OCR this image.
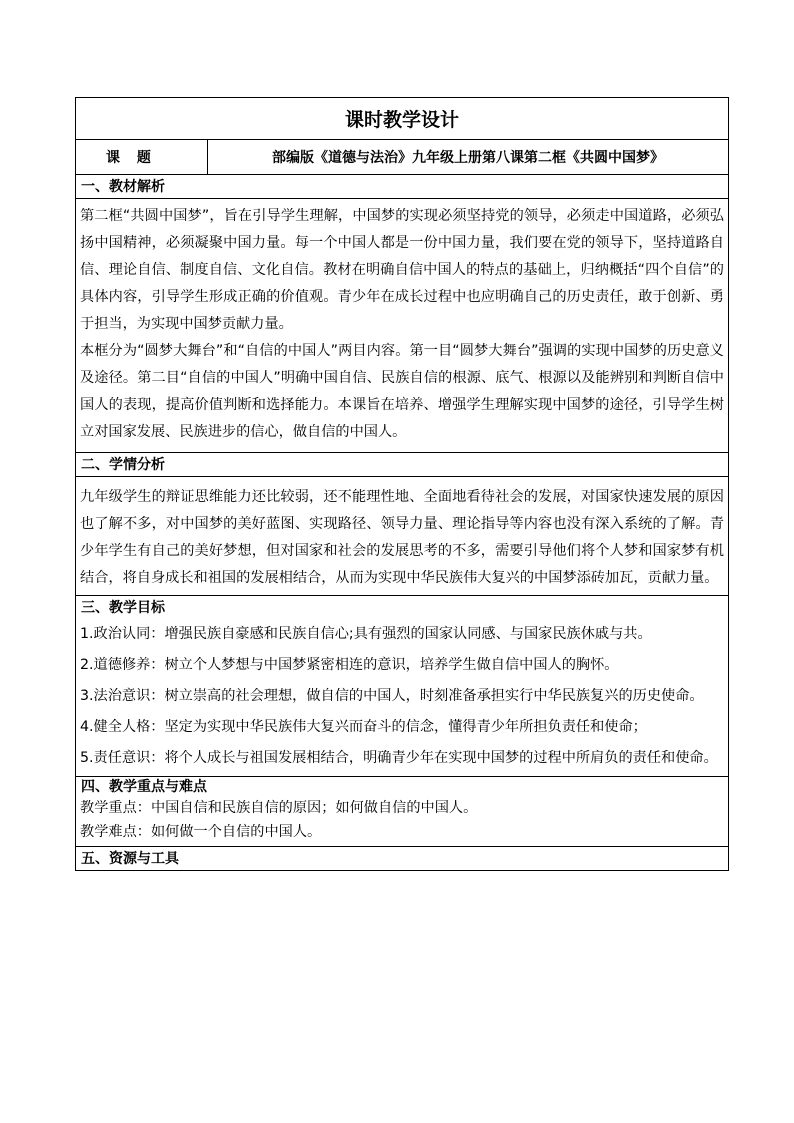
课时教学设计
课 题	部编版《道德与法治》九年级上册第八课第二框《共圆中国梦》
一、教材解析

第二框“共圆中国梦”，旨在引导学生理解，中国梦的实现必须坚持党的领导，必须走中国道路，必须弘扬中国精神，必须凝聚中国力量。每一个中国人都是一份中国力量，我们要在党的领导下，坚持道路自信、理论自信、制度自信、文化自信。教材在明确自信中国人的特点的基础上，归纳概括“四个自信”的具体内容，引导学生形成正确的价值观。青少年在成长过程中也应明确自己的历史责任，敢于创新、勇于担当，为实现中国梦贡献力量。

本框分为“圆梦大舞台”和“自信的中国人”两目内容。第一目“圆梦大舞台”强调的实现中国梦的历史意义及途径。第二目“自信的中国人”明确中国自信、民族自信的根源、底气、根源以及能辨别和判断自信中国人的表现，提高价值判断和选择能力。本课旨在培养、增强学生理解实现中国梦的途径，引导学生树立对国家发展、民族进步的信心，做自信的中国人。

二、学情分析

九年级学生的辩证思维能力还比较弱，还不能理性地、全面地看待社会的发展，对国家快速发展的原因也了解不多，对中国梦的美好蓝图、实现路径、领导力量、理论指导等内容也没有深入系统的了解。青少年学生有自己的美好梦想，但对国家和社会的发展思考的不多，需要引导他们将个人梦和国家梦有机结合，将自身成长和祖国的发展相结合，从而为实现中华民族伟大复兴的中国梦添砖加瓦，贡献力量。

三、教学目标

1.政治认同：增强民族自豪感和民族自信心;具有强烈的国家认同感、与国家民族休戚与共。

2.道德修养：树立个人梦想与中国梦紧密相连的意识，培养学生做自信中国人的胸怀。

3.法治意识：树立崇高的社会理想，做自信的中国人，时刻准备承担实行中华民族复兴的历史使命。

4.健全人格：坚定为实现中华民族伟大复兴而奋斗的信念，懂得青少年所担负责任和使命；

5.责任意识：将个人成长与祖国发展相结合，明确青少年在实现中国梦的过程中所肩负的责任和使命。

四、教学重点与难点

教学重点：中国自信和民族自信的原因；如何做自信的中国人。

教学难点：如何做一个自信的中国人。

五、资源与工具
